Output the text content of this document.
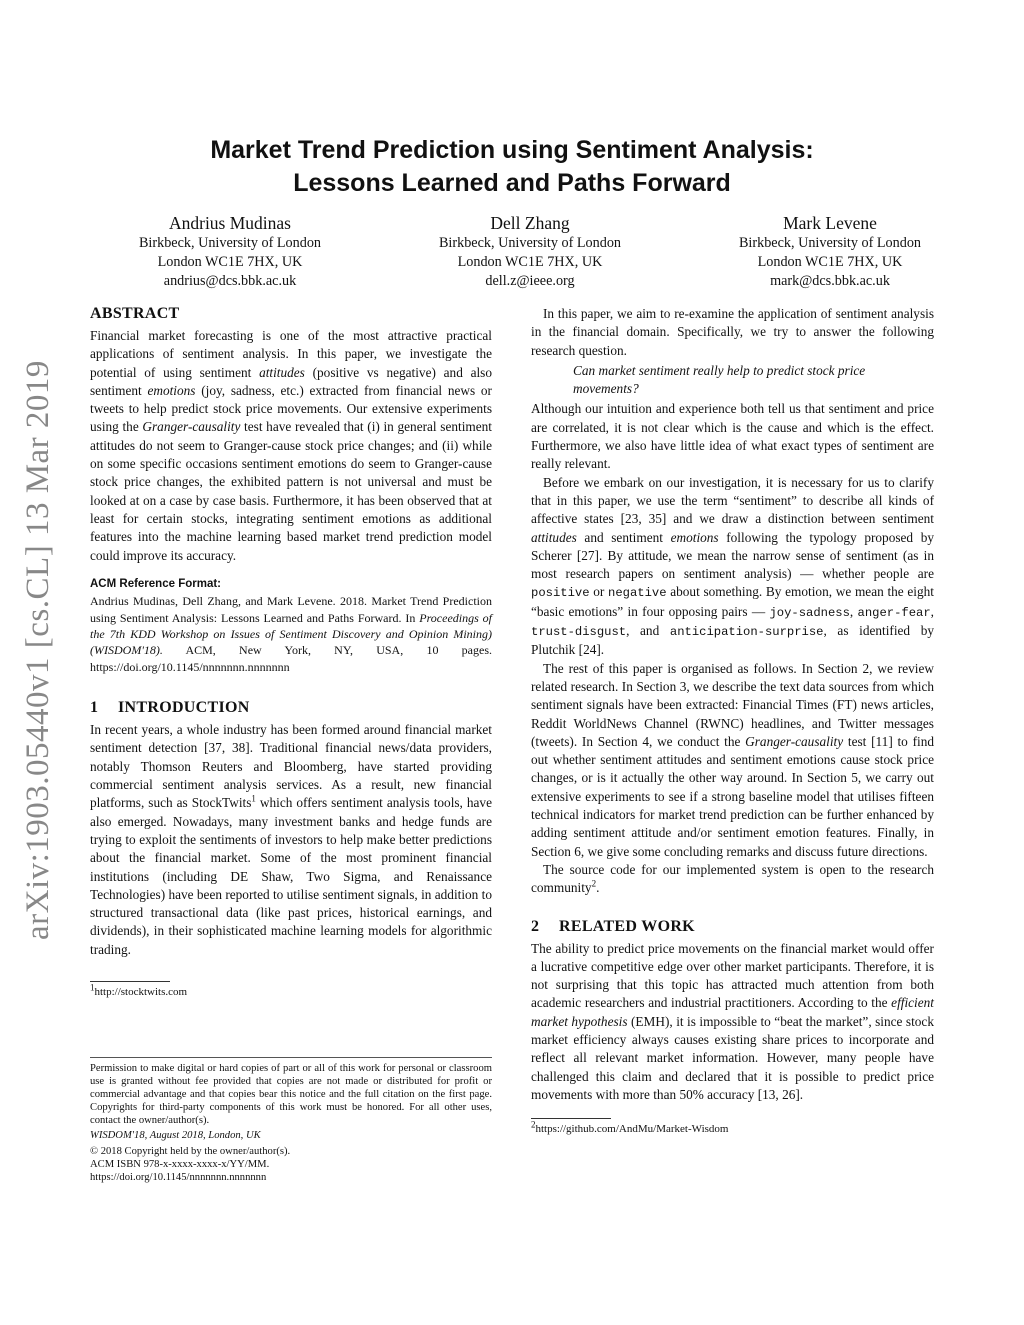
arXiv:1903.05440v1 [cs.CL] 13 Mar 2019
Market Trend Prediction using Sentiment Analysis:
Lessons Learned and Paths Forward
Andrius Mudinas
Birkbeck, University of London
London WC1E 7HX, UK
andrius@dcs.bbk.ac.uk
Dell Zhang
Birkbeck, University of London
London WC1E 7HX, UK
dell.z@ieee.org
Mark Levene
Birkbeck, University of London
London WC1E 7HX, UK
mark@dcs.bbk.ac.uk
ABSTRACT

Financial market forecasting is one of the most attractive practical applications of sentiment analysis. In this paper, we investigate the potential of using sentiment attitudes (positive vs negative) and also sentiment emotions (joy, sadness, etc.) extracted from financial news or tweets to help predict stock price movements. Our extensive experiments using the Granger-causality test have revealed that (i) in general sentiment attitudes do not seem to Granger-cause stock price changes; and (ii) while on some specific occasions sentiment emotions do seem to Granger-cause stock price changes, the exhibited pattern is not universal and must be looked at on a case by case basis. Furthermore, it has been observed that at least for certain stocks, integrating sentiment emotions as additional features into the machine learning based market trend prediction model could improve its accuracy.

ACM Reference Format:

Andrius Mudinas, Dell Zhang, and Mark Levene. 2018. Market Trend Prediction using Sentiment Analysis: Lessons Learned and Paths Forward. In Proceedings of the 7th KDD Workshop on Issues of Sentiment Discovery and Opinion Mining) (WISDOM'18). ACM, New York, NY, USA, 10 pages. https://doi.org/10.1145/nnnnnnn.nnnnnnn

1 INTRODUCTION

In recent years, a whole industry has been formed around financial market sentiment detection [37, 38]. Traditional financial news/data providers, notably Thomson Reuters and Bloomberg, have started providing commercial sentiment analysis services. As a result, new financial platforms, such as StockTwits$^1$ which offers sentiment analysis tools, have also emerged. Nowadays, many investment banks and hedge funds are trying to exploit the sentiments of investors to help make better predictions about the financial market. Some of the most prominent financial institutions (including DE Shaw, Two Sigma, and Renaissance Technologies) have been reported to utilise sentiment signals, in addition to structured transactional data (like past prices, historical earnings, and dividends), in their sophisticated machine learning models for algorithmic trading.

$^1$http://stocktwits.com
Permission to make digital or hard copies of part or all of this work for personal or classroom use is granted without fee provided that copies are not made or distributed for profit or commercial advantage and that copies bear this notice and the full citation on the first page. Copyrights for third-party components of this work must be honored. For all other uses, contact the owner/author(s).
WISDOM'18, August 2018, London, UK
© 2018 Copyright held by the owner/author(s).
ACM ISBN 978-x-xxxx-xxxx-x/YY/MM.
https://doi.org/10.1145/nnnnnnn.nnnnnnn

In this paper, we aim to re-examine the application of sentiment analysis in the financial domain. Specifically, we try to answer the following research question.

Can market sentiment really help to predict stock price movements?

Although our intuition and experience both tell us that sentiment and price are correlated, it is not clear which is the cause and which is the effect. Furthermore, we also have little idea of what exact types of sentiment are really relevant.

Before we embark on our investigation, it is necessary for us to clarify that in this paper, we use the term “sentiment” to describe all kinds of affective states [23, 35] and we draw a distinction between sentiment attitudes and sentiment emotions following the typology proposed by Scherer [27]. By attitude, we mean the narrow sense of sentiment (as in most research papers on sentiment analysis) — whether people are positive or negative about something. By emotion, we mean the eight “basic emotions” in four opposing pairs — joy-sadness, anger-fear, trust-disgust, and anticipation-surprise, as identified by Plutchik [24].

The rest of this paper is organised as follows. In Section 2, we review related research. In Section 3, we describe the text data sources from which sentiment signals have been extracted: Financial Times (FT) news articles, Reddit WorldNews Channel (RWNC) headlines, and Twitter messages (tweets). In Section 4, we conduct the Granger-causality test [11] to find out whether sentiment attitudes and sentiment emotions cause stock price changes, or is it actually the other way around. In Section 5, we carry out extensive experiments to see if a strong baseline model that utilises fifteen technical indicators for market trend prediction can be further enhanced by adding sentiment attitude and/or sentiment emotion features. Finally, in Section 6, we give some concluding remarks and discuss future directions.

The source code for our implemented system is open to the research community$^2$.

2 RELATED WORK

The ability to predict price movements on the financial market would offer a lucrative competitive edge over other market participants. Therefore, it is not surprising that this topic has attracted much attention from both academic researchers and industrial practitioners. According to the efficient market hypothesis (EMH), it is impossible to “beat the market”, since stock market efficiency always causes existing share prices to incorporate and reflect all relevant market information. However, many people have challenged this claim and declared that it is possible to predict price movements with more than 50% accuracy [13, 26].

$^2$https://github.com/AndMu/Market-Wisdom
